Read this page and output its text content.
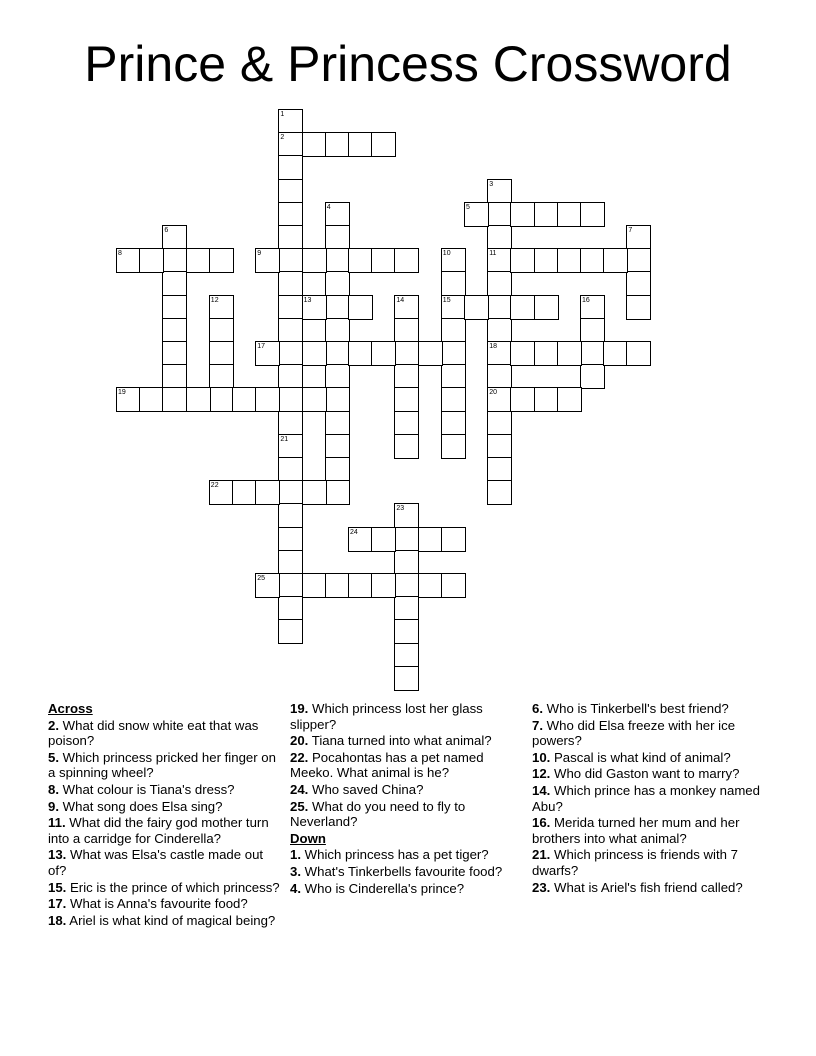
Prince & Princess Crossword
1
2
3
4	5
6	7
8	9	10	11
12	13	14	15	16
17	18
19	20
21
22
23
24
25

Across

2. What did snow white eat that was poison?

5. Which princess pricked her finger on a spinning wheel?

8. What colour is Tiana's dress?

9. What song does Elsa sing?

11. What did the fairy god mother turn into a carridge for Cinderella?

13. What was Elsa's castle made out of?

15. Eric is the prince of which princess?

17. What is Anna's favourite food?

18. Ariel is what kind of magical being?

19. Which princess lost her glass slipper?

20. Tiana turned into what animal?

22. Pocahontas has a pet named Meeko. What animal is he?

24. Who saved China?

25. What do you need to fly to Neverland?

Down

1. Which princess has a pet tiger?

3. What's Tinkerbells favourite food?

4. Who is Cinderella's prince?

6. Who is Tinkerbell's best friend?

7. Who did Elsa freeze with her ice powers?

10. Pascal is what kind of animal?

12. Who did Gaston want to marry?

14. Which prince has a monkey named Abu?

16. Merida turned her mum and her brothers into what animal?

21. Which princess is friends with 7 dwarfs?

23. What is Ariel's fish friend called?
